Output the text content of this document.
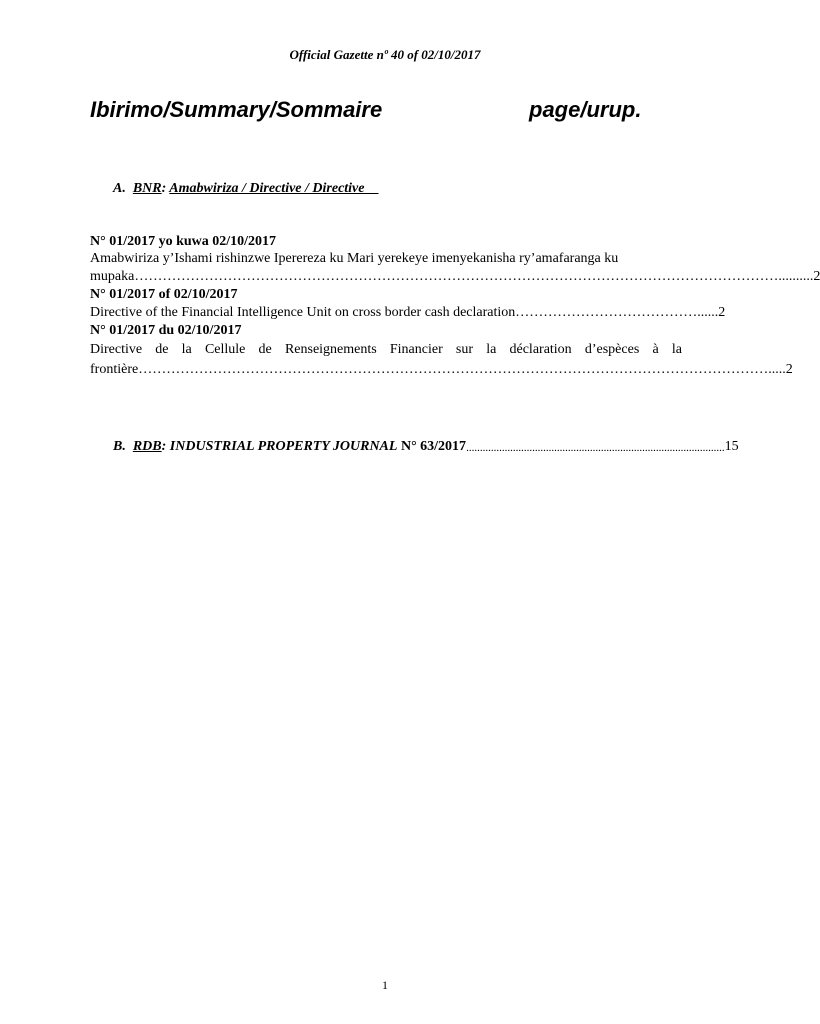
Official Gazette nº 40 of 02/10/2017
Ibirimo/Summary/Sommaire	page/urup.
A. BNR: Amabwiriza / Directive / Directive
N° 01/2017 yo kuwa 02/10/2017
Amabwiriza y’Ishami rishinzwe Iperereza ku Mari yerekeye imenyekanisha ry’amafaranga ku
mupaka ………………………………………………………………………………………………………………………….......... 2
N° 01/2017 of 02/10/2017
Directive of the Financial Intelligence Unit on cross border cash declaration …………………………………...... 2
N° 01/2017 du 02/10/2017
Directive de la Cellule de Renseignements Financier sur la déclaration d’espèces à la
frontière ………………………………………………………………………………………………………………………..... 2
B.
RDB : INDUSTRIAL PROPERTY JOURNAL
N° 63/2017 .............................................................................................. 15
1
